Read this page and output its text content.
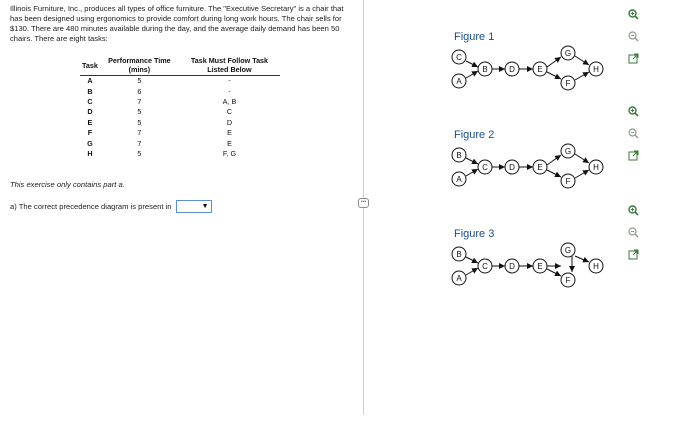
Illinois Furniture, Inc., produces all types of office furniture. The "Executive Secretary" is a chair that has been designed using ergonomics to provide comfort during long work hours. The chair sells for $130. There are 480 minutes available during the day, and the average daily demand has been 50 chairs. There are eight tasks:
Task	Performance Time (mins)	Task Must Follow Task Listed Below
A	5	-
B	6	-
C	7	A, B
D	5	C
E	5	D
F	7	E
G	7	E
H	5	F, G
This exercise only contains part a.
a) The correct precedence diagram is present in	▼
•••
Figure 1
C
A
B	D	E
G
F
H
Figure 2
B
A
C	D	E
G
F
H
Figure 3
B
A
C	D	E
G
F
H
